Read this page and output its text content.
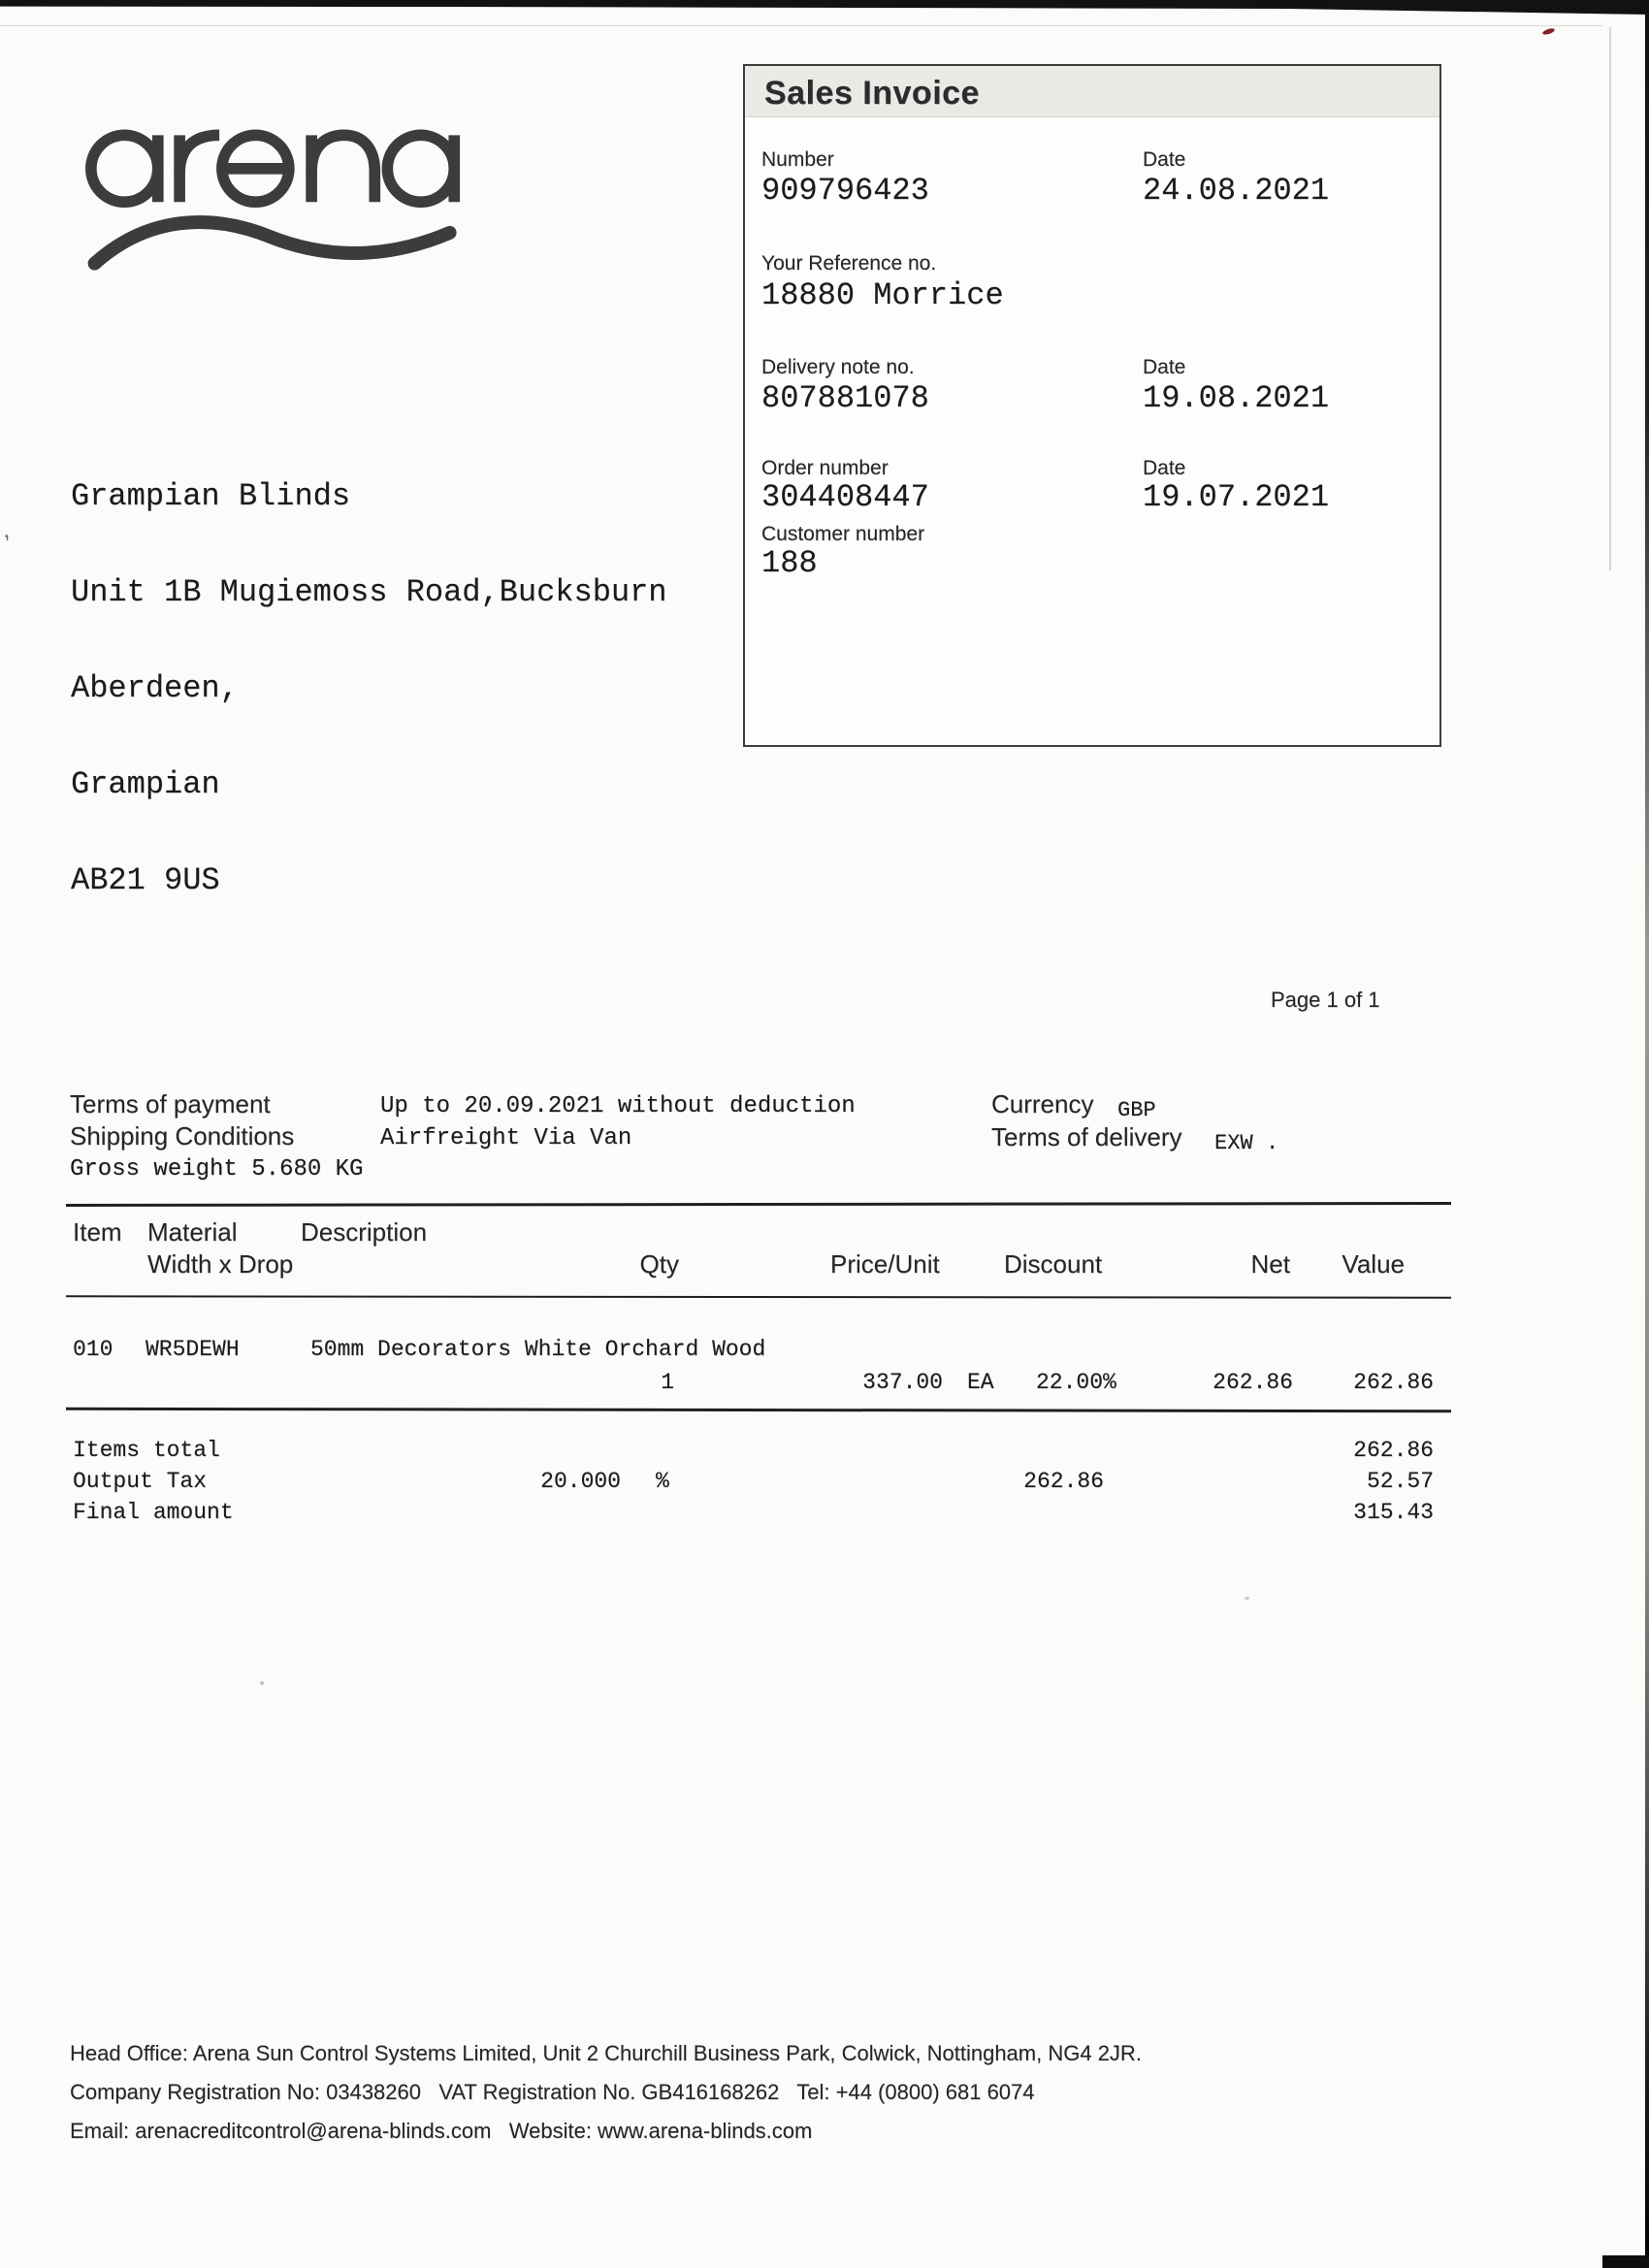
ʼ

Grampian Blinds

Unit 1B Mugiemoss Road,Bucksburn

Aberdeen,

Grampian

AB21 9US

Sales Invoice
Number
909796423
Date
24.08.2021
Your Reference no.
18880 Morrice
Delivery note no.
807881078
Date
19.08.2021
Order number
304408447
Date
19.07.2021
Customer number
188
Page 1 of 1
Terms of payment	Up to 20.09.2021 without deduction
Shipping Conditions	Airfreight Via Van
Gross weight 5.680 KG
Currency GBP
Terms of delivery EXW .
Item Material	Description
Width x Drop	Qty	Price/Unit	Discount	Net	Value
010 WR5DEWH	50mm Decorators White Orchard Wood
1	337.00 EA 22.00%	262.86	262.86
Items total	262.86
Output Tax	20.000 %	262.86	52.57
Final amount	315.43
Head Office: Arena Sun Control Systems Limited, Unit 2 Churchill Business Park, Colwick, Nottingham, NG4 2JR.
Company Registration No: 03438260   VAT Registration No. GB416168262   Tel: +44 (0800) 681 6074
Email: arenacreditcontrol@arena-blinds.com   Website: www.arena-blinds.com
